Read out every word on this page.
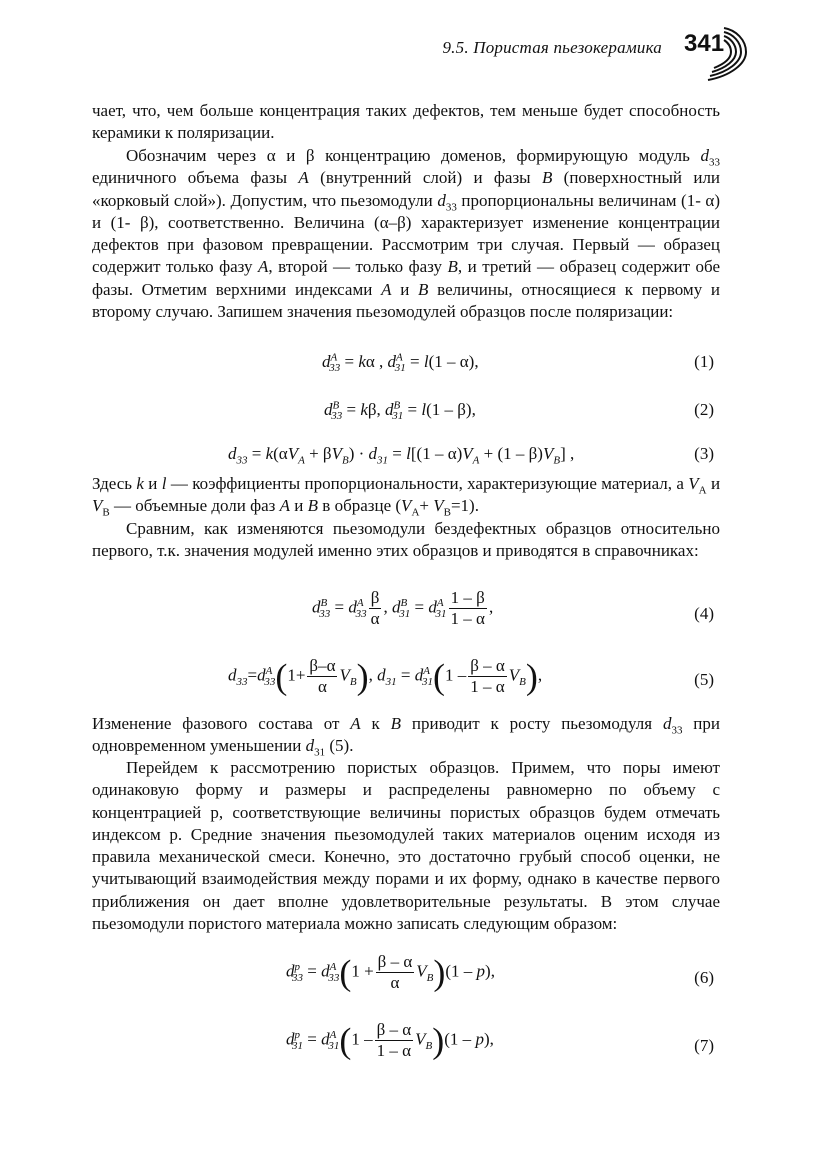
9.5. Пористая пьезокерамика 341

чает, что, чем больше концентрация таких дефектов, тем меньше будет способность керамики к поляризации.

Обозначим через α и β концентрацию доменов, формирующую модуль $d_{33}$ единичного объема фазы A (внутренний слой) и фазы B (поверхностный или «корковый слой»). Допустим, что пьезомодули $d_{33}$ пропорциональны величинам (1- α) и (1- β), соответственно. Величина (α–β) характеризует изменение концентрации дефектов при фазовом превращении. Рассмотрим три случая. Первый — образец содержит только фазу A, второй — только фазу B, и третий — образец содержит обе фазы. Отметим верхними индексами A и B величины, относящиеся к первому и второму случаю. Запишем значения пьезомодулей образцов после поляризации:

$d^A_{33} = k\alpha$ , $d^A_{31} = l(1 - \alpha)$,	(1)
$d^B_{33} = k\beta$, $d^B_{31} = l(1 - \beta)$,	(2)
$d_{33} = k(\alpha V_A + \beta V_B) \cdot d_{31} = l[(1 - \alpha)V_A + (1 - \beta)V_B]$ ,	(3)

Здесь k и l — коэффициенты пропорциональности, характеризующие материал, а $V_A$ и $V_B$ — объемные доли фаз A и B в образце $(V_A+ V_B=1)$.

Сравним, как изменяются пьезомодули бездефектных образцов относительно первого, т.к. значения модулей именно этих образцов и приводятся в справочниках:

$d^B_{33} = d^A_{33} \frac{\beta}{\alpha}$ , $d^B_{31} = d^A_{31} \frac{1 - \beta}{1 - \alpha}$ ,	(4)
$d_{33}=d^A_{33}(1+ \frac{\beta-\alpha}{\alpha} V_B)$, $d_{31} = d^A_{31}(1 - \frac{\beta - \alpha}{1 - \alpha} V_B)$,	(5)

Изменение фазового состава от A к B приводит к росту пьезомодуля $d_{33}$ при одновременном уменьшении $d_{31}$ (5).

Перейдем к рассмотрению пористых образцов. Примем, что поры имеют одинаковую форму и размеры и распределены равномерно по объему с концентрацией p, соответствующие величины пористых образцов будем отмечать индексом p. Средние значения пьезомодулей таких материалов оценим исходя из правила механической смеси. Конечно, это достаточно грубый способ оценки, не учитывающий взаимодействия между порами и их форму, однако в качестве первого приближения он дает вполне удовлетворительные результаты. В этом случае пьезомодули пористого материала можно записать следующим образом:

$d^p_{33} = d^A_{33}(1 + \frac{\beta - \alpha}{\alpha} V_B)(1 - p)$,	(6)
$d^p_{31} = d^A_{31}(1 - \frac{\beta - \alpha}{1 - \alpha} V_B)(1 - p)$,	(7)
